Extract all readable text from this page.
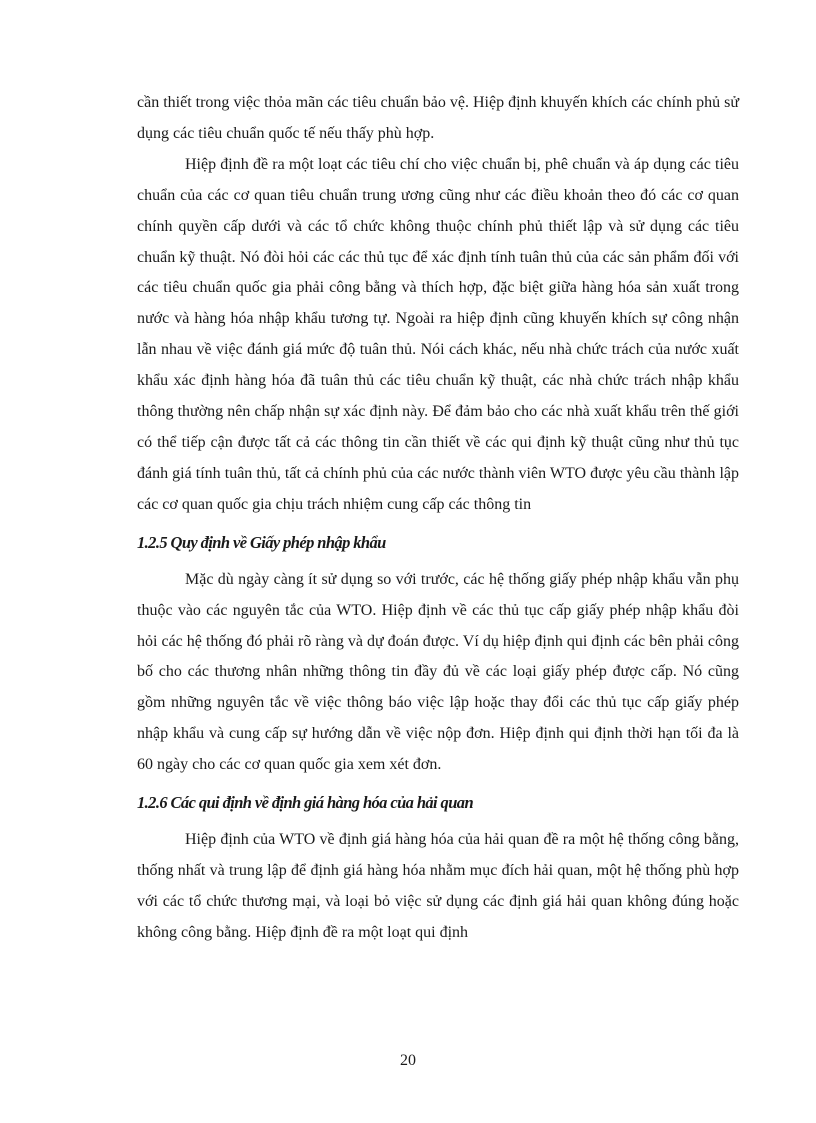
cần thiết trong việc thỏa mãn các tiêu chuẩn bảo vệ. Hiệp định khuyến khích các chính phủ sử dụng các tiêu chuẩn quốc tế nếu thấy phù hợp.

Hiệp định đề ra một loạt các tiêu chí cho việc chuẩn bị, phê chuẩn và áp dụng các tiêu chuẩn của các cơ quan tiêu chuẩn trung ương cũng như các điều khoản theo đó các cơ quan chính quyền cấp dưới và các tổ chức không thuộc chính phủ thiết lập và sử dụng các tiêu chuẩn kỹ thuật. Nó đòi hỏi các các thủ tục để xác định tính tuân thủ của các sản phẩm đối với các tiêu chuẩn quốc gia phải công bằng và thích hợp, đặc biệt giữa hàng hóa sản xuất trong nước và hàng hóa nhập khẩu tương tự. Ngoài ra hiệp định cũng khuyến khích sự công nhận lẫn nhau về việc đánh giá mức độ tuân thủ. Nói cách khác, nếu nhà chức trách của nước xuất khẩu xác định hàng hóa đã tuân thủ các tiêu chuẩn kỹ thuật, các nhà chức trách nhập khẩu thông thường nên chấp nhận sự xác định này. Để đảm bảo cho các nhà xuất khẩu trên thế giới có thể tiếp cận được tất cả các thông tin cần thiết về các qui định kỹ thuật cũng như thủ tục đánh giá tính tuân thủ, tất cả chính phủ của các nước thành viên WTO được yêu cầu thành lập các cơ quan quốc gia chịu trách nhiệm cung cấp các thông tin

1.2.5 Quy định về Giấy phép nhập khẩu

Mặc dù ngày càng ít sử dụng so với trước, các hệ thống giấy phép nhập khẩu vẫn phụ thuộc vào các nguyên tắc của WTO. Hiệp định về các thủ tục cấp giấy phép nhập khẩu đòi hỏi các hệ thống đó phải rõ ràng và dự đoán được. Ví dụ hiệp định qui định các bên phải công bố cho các thương nhân những thông tin đầy đủ về các loại giấy phép được cấp. Nó cũng gồm những nguyên tắc về việc thông báo việc lập hoặc thay đổi các thủ tục cấp giấy phép nhập khẩu và cung cấp sự hướng dẫn về việc nộp đơn. Hiệp định qui định thời hạn tối đa là 60 ngày cho các cơ quan quốc gia xem xét đơn.

1.2.6 Các qui định về định giá hàng hóa của hải quan

Hiệp định của WTO về định giá hàng hóa của hải quan đề ra một hệ thống công bằng, thống nhất và trung lập để định giá hàng hóa nhằm mục đích hải quan, một hệ thống phù hợp với các tổ chức thương mại, và loại bỏ việc sử dụng các định giá hải quan không đúng hoặc không công bằng. Hiệp định đề ra một loạt qui định

20
